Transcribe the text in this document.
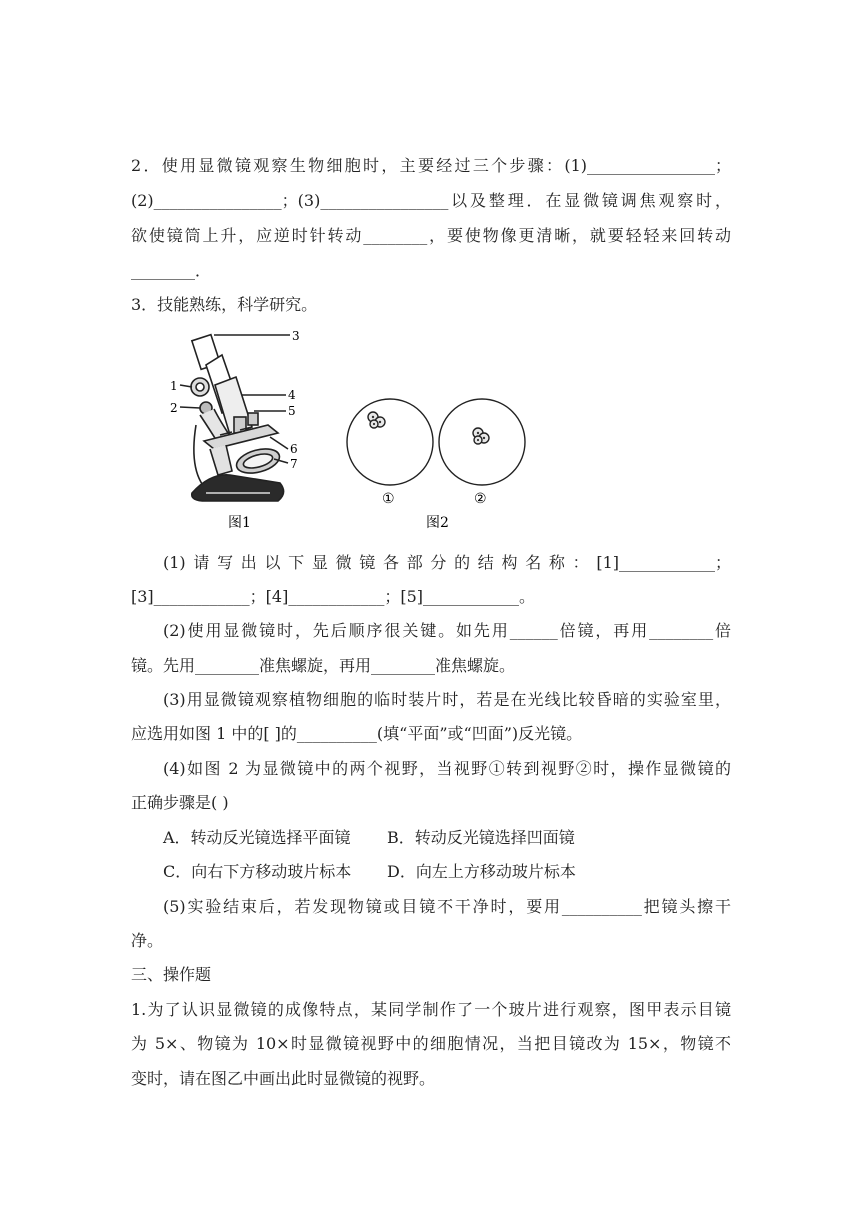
2．使用显微镜观察生物细胞时，主要经过三个步骤：(1)________________；
(2)________________；(3)________________以及整理．在显微镜调焦观察时，
欲使镜筒上升，应逆时针转动________，要使物像更清晰，就要轻轻来回转动
________．
3．技能熟练，科学研究。
3
1
2
4
5
6
7
图1
①	②
图2
(1)请写出以下显微镜各部分的结构名称：[1]____________；
[3]____________；[4]____________；[5]____________。
(2)使用显微镜时，先后顺序很关键。如先用______倍镜，再用________倍
镜。先用________准焦螺旋，再用________准焦螺旋。
(3)用显微镜观察植物细胞的临时装片时，若是在光线比较昏暗的实验室里，
应选用如图 1 中的[ ]的__________(填“平面”或“凹面”)反光镜。
(4)如图 2 为显微镜中的两个视野，当视野①转到视野②时，操作显微镜的
正确步骤是( )
A．转动反光镜选择平面镜 B．转动反光镜选择凹面镜
C．向右下方移动玻片标本 D．向左上方移动玻片标本
(5)实验结束后，若发现物镜或目镜不干净时，要用__________把镜头擦干
净。
三、操作题
1.为了认识显微镜的成像特点，某同学制作了一个玻片进行观察，图甲表示目镜
为 5×、物镜为 10×时显微镜视野中的细胞情况，当把目镜改为 15×，物镜不
变时，请在图乙中画出此时显微镜的视野。
